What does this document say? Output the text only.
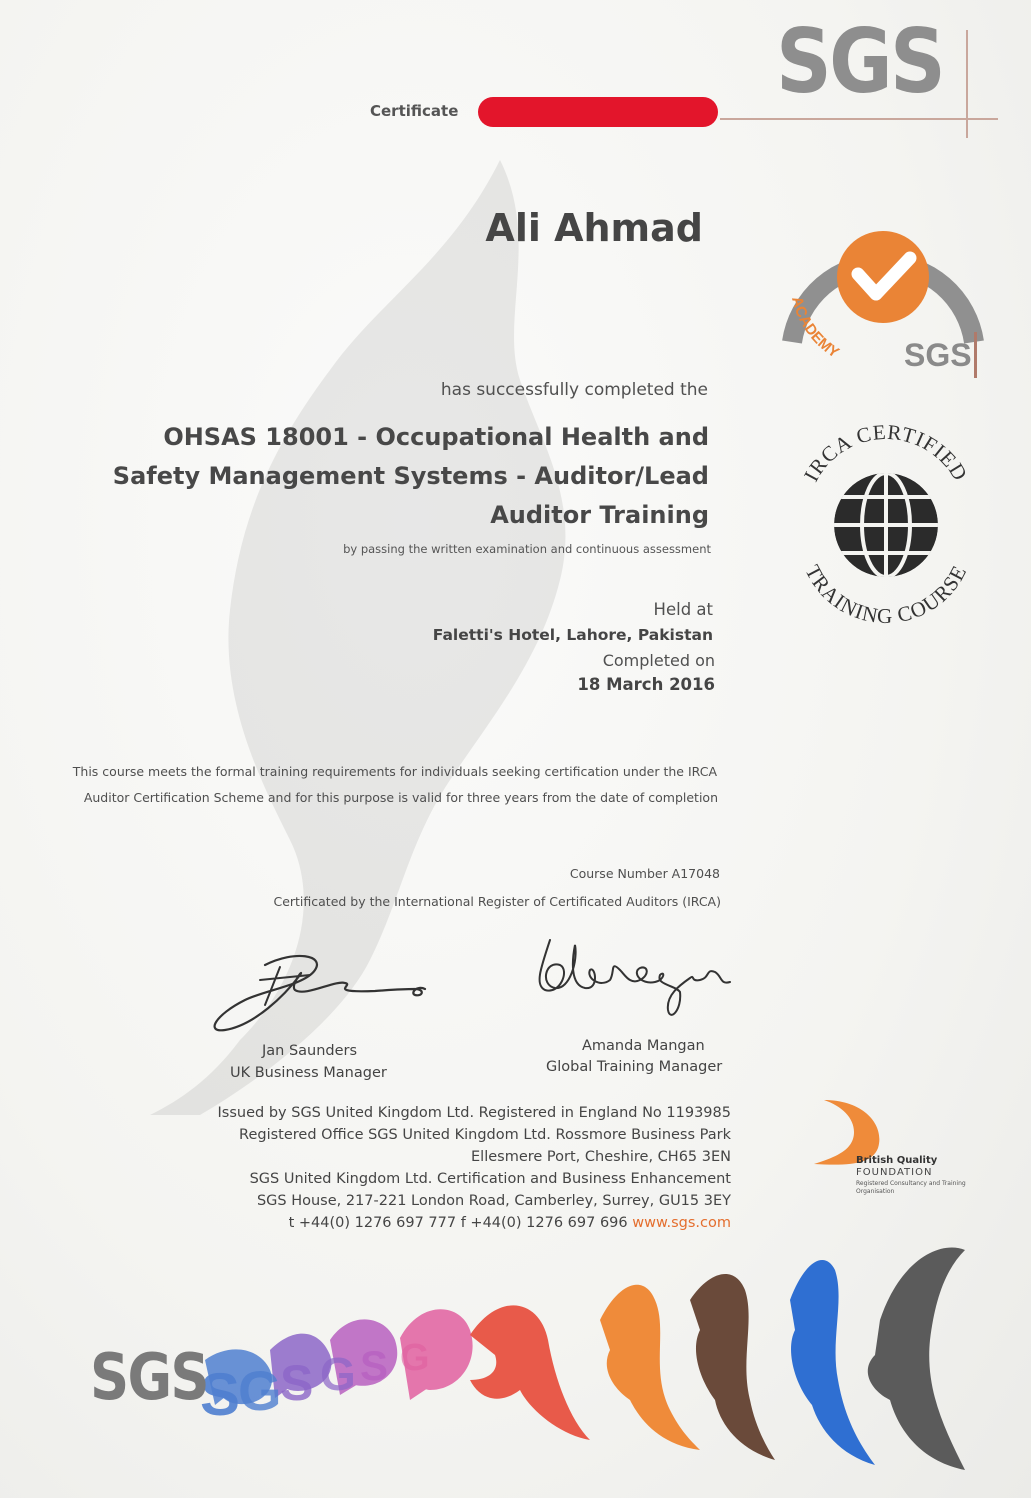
Certificate	SGS

Ali Ahmad

has successfully completed the

OHSAS 18001 - Occupational Health and
Safety Management Systems - Auditor/Lead
Auditor Training

by passing the written examination and continuous assessment

Held at

Faletti's Hotel, Lahore, Pakistan

Completed on

18 March 2016

This course meets the formal training requirements for individuals seeking certification under the IRCA

Auditor Certification Scheme and for this purpose is valid for three years from the date of completion

Course Number A17048

Certificated by the International Register of Certificated Auditors (IRCA)

Jan Saunders

UK Business Manager

Amanda Mangan

Global Training Manager

Issued by SGS United Kingdom Ltd. Registered in England No 1193985
Registered Office SGS United Kingdom Ltd. Rossmore Business Park
Ellesmere Port, Cheshire, CH65 3EN
SGS United Kingdom Ltd. Certification and Business Enhancement
SGS House, 217-221 London Road, Camberley, Surrey, GU15 3EY
t +44(0) 1276 697 777 f +44(0) 1276 697 696 www.sgs.com
ACADEMY SGS
IRCA CERTIFIED
TRAINING COURSE

British Quality

FOUNDATION

Registered Consultancy and Training Organisation

S
G
S G S G
SGS
